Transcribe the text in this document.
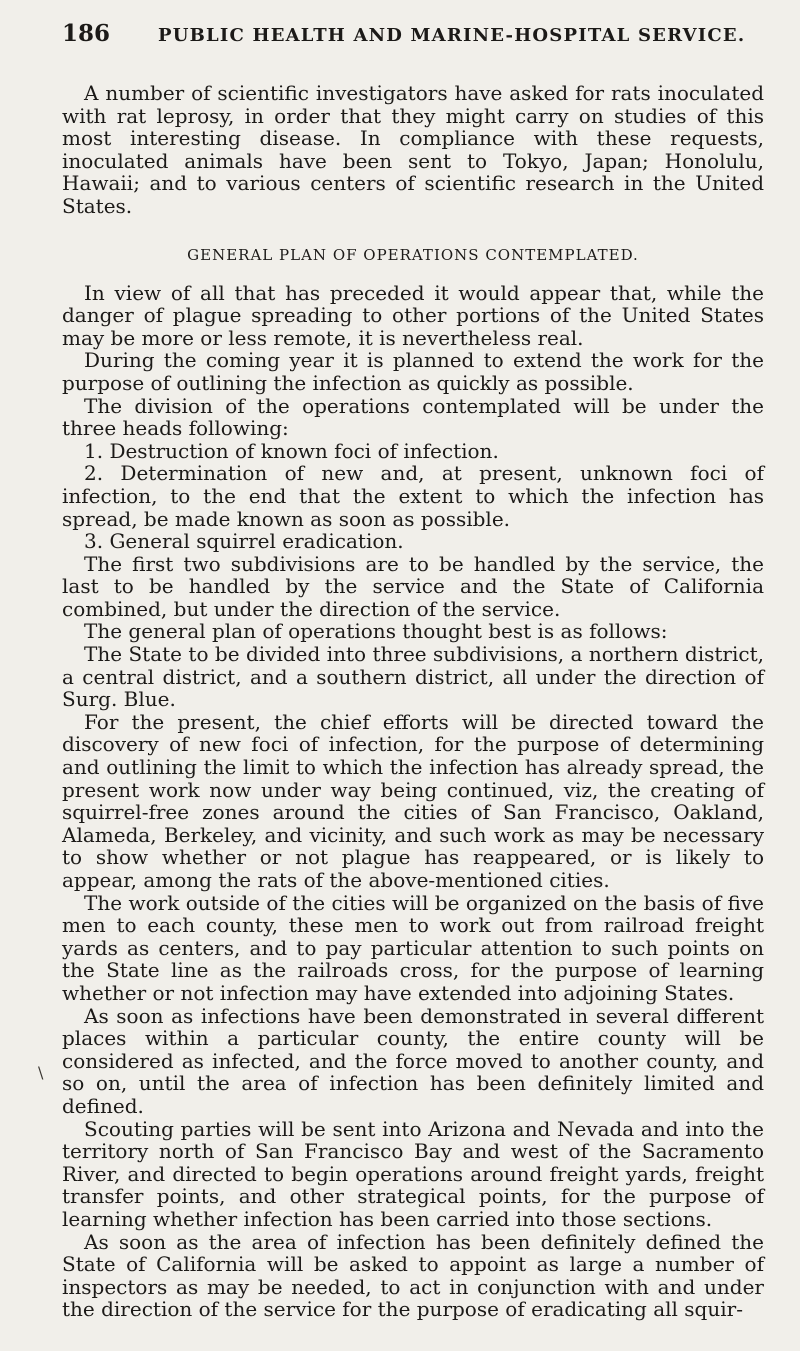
186	PUBLIC HEALTH AND MARINE-HOSPITAL SERVICE.

A number of scientific investigators have asked for rats inoculated with rat leprosy, in order that they might carry on studies of this most interesting disease. In compliance with these requests, inoculated animals have been sent to Tokyo, Japan; Honolulu, Hawaii; and to various centers of scientific research in the United States.

GENERAL PLAN OF OPERATIONS CONTEMPLATED.

In view of all that has preceded it would appear that, while the danger of plague spreading to other portions of the United States may be more or less remote, it is nevertheless real.

During the coming year it is planned to extend the work for the purpose of outlining the infection as quickly as possible.

The division of the operations contemplated will be under the three heads following:

1. Destruction of known foci of infection.

2. Determination of new and, at present, unknown foci of infection, to the end that the extent to which the infection has spread, be made known as soon as possible.

3. General squirrel eradication.

The first two subdivisions are to be handled by the service, the last to be handled by the service and the State of California combined, but under the direction of the service.

The general plan of operations thought best is as follows:

The State to be divided into three subdivisions, a northern district, a central district, and a southern district, all under the direction of Surg. Blue.

For the present, the chief efforts will be directed toward the discovery of new foci of infection, for the purpose of determining and outlining the limit to which the infection has already spread, the present work now under way being continued, viz, the creating of squirrel-free zones around the cities of San Francisco, Oakland, Alameda, Berkeley, and vicinity, and such work as may be necessary to show whether or not plague has reappeared, or is likely to appear, among the rats of the above-mentioned cities.

The work outside of the cities will be organized on the basis of five men to each county, these men to work out from railroad freight yards as centers, and to pay particular attention to such points on the State line as the railroads cross, for the purpose of learning whether or not infection may have extended into adjoining States.

As soon as infections have been demonstrated in several different places within a particular county, the entire county will be considered as infected, and the force moved to another county, and so on, until the area of infection has been definitely limited and defined.

Scouting parties will be sent into Arizona and Nevada and into the territory north of San Francisco Bay and west of the Sacramento River, and directed to begin operations around freight yards, freight transfer points, and other strategical points, for the purpose of learning whether infection has been carried into those sections.

As soon as the area of infection has been definitely defined the State of California will be asked to appoint as large a number of inspectors as may be needed, to act in conjunction with and under the direction of the service for the purpose of eradicating all squir-

\
